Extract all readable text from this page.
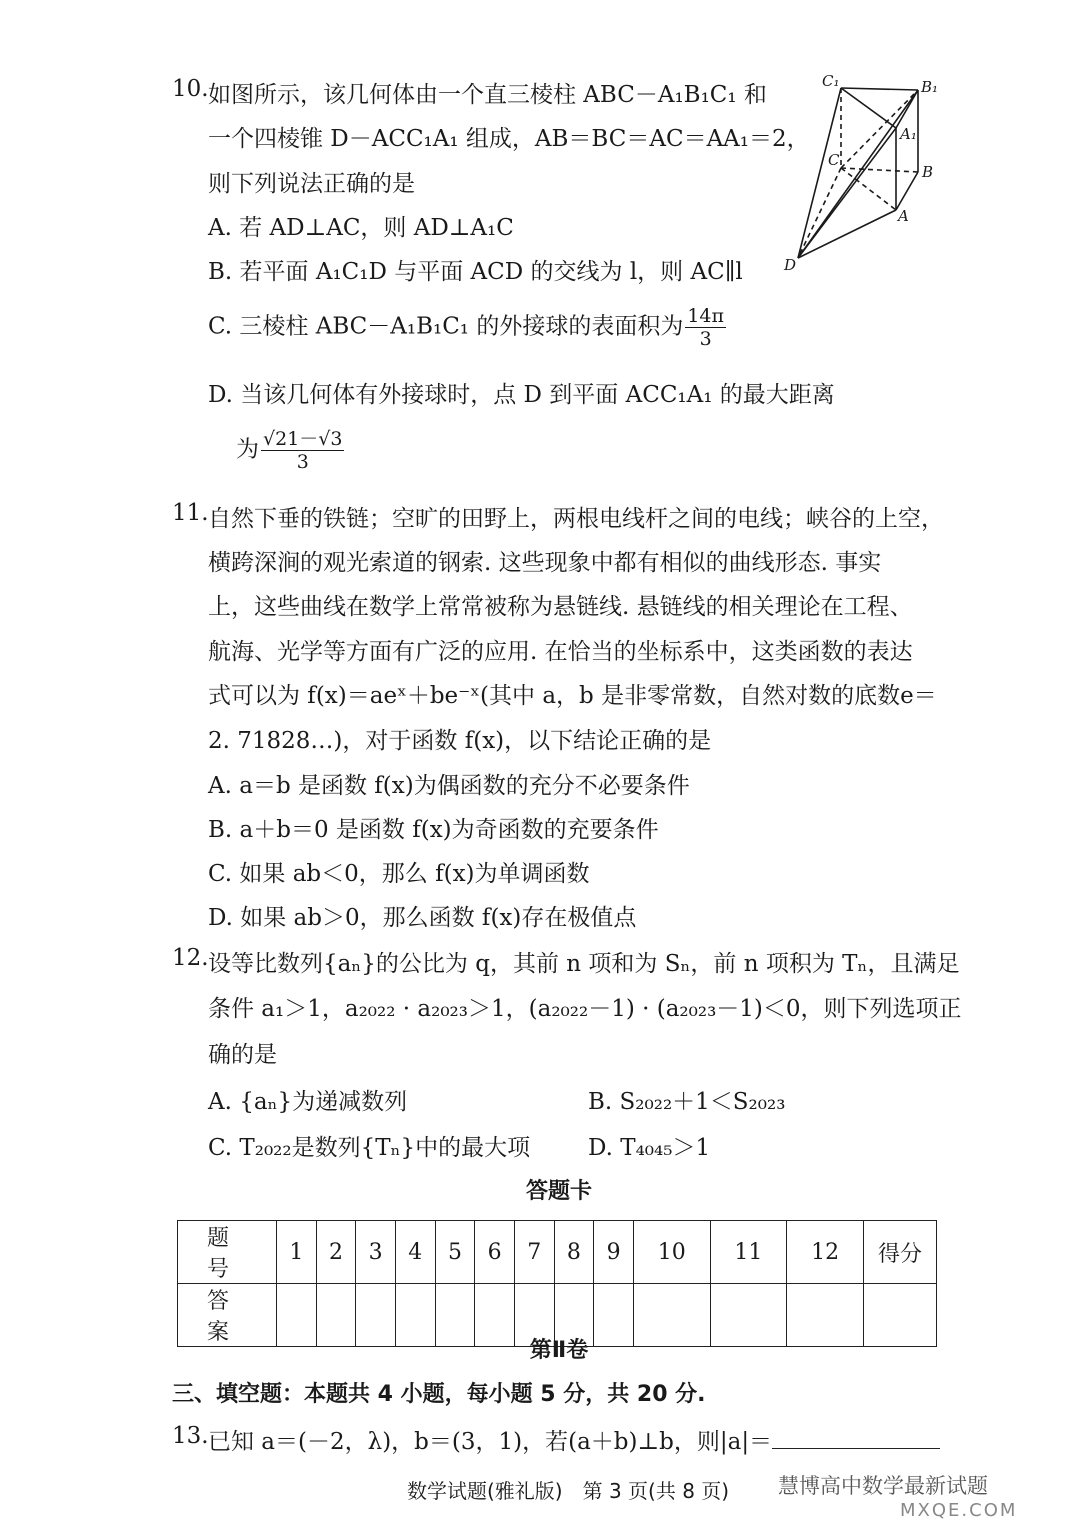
10. 如图所示，该几何体由一个直三棱柱 ABC－A₁B₁C₁ 和
一个四棱锥 D－ACC₁A₁ 组成，AB＝BC＝AC＝AA₁＝2，
则下列说法正确的是
A. 若 AD⊥AC，则 AD⊥A₁C
B. 若平面 A₁C₁D 与平面 ACD 的交线为 l，则 AC∥l
C. 三棱柱 ABC－A₁B₁C₁ 的外接球的表面积为 $\frac{14\pi}{3}$
D. 当该几何体有外接球时，点 D 到平面 ACC₁A₁ 的最大距离
为 $\frac{√21-√3}{3}$
C₁	B₁
A₁
C
B
A
D
11. 自然下垂的铁链；空旷的田野上，两根电线杆之间的电线；峡谷的上空，
横跨深涧的观光索道的钢索. 这些现象中都有相似的曲线形态. 事实
上，这些曲线在数学上常常被称为悬链线. 悬链线的相关理论在工程、
航海、光学等方面有广泛的应用. 在恰当的坐标系中，这类函数的表达
式可以为 f(x)＝aeˣ＋be⁻ˣ(其中 a，b 是非零常数，自然对数的底数e＝
2. 71828…)，对于函数 f(x)，以下结论正确的是
A. a＝b 是函数 f(x)为偶函数的充分不必要条件
B. a＋b＝0 是函数 f(x)为奇函数的充要条件
C. 如果 ab＜0，那么 f(x)为单调函数
D. 如果 ab＞0，那么函数 f(x)存在极值点
12. 设等比数列{aₙ}的公比为 q，其前 n 项和为 Sₙ，前 n 项积为 Tₙ，且满足
条件 a₁＞1，a₂₀₂₂ · a₂₀₂₃＞1，(a₂₀₂₂－1) · (a₂₀₂₃－1)＜0，则下列选项正
确的是
A. {aₙ}为递减数列	B. S₂₀₂₂＋1＜S₂₀₂₃
C. T₂₀₂₂是数列{Tₙ}中的最大项	D. T₄₀₄₅＞1
答题卡
题 号	1	2	3	4	5	6	7	8	9	10	11	12	得分
答 案													
第Ⅱ卷
三、填空题：本题共 4 小题，每小题 5 分，共 20 分.
13. 已知 a＝(－2，λ)，b＝(3，1)，若(a＋b)⊥b，则|a|＝
数学试题(雅礼版)　第 3 页(共 8 页) 慧博高中数学最新试题
MXQE.COM
